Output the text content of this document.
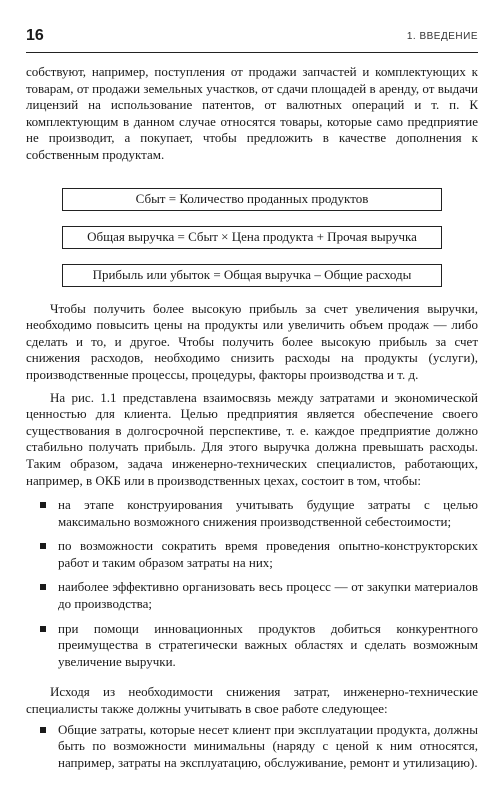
16	1. ВВЕДЕНИЕ

собствуют, например, поступления от продажи запчастей и комплектующих к товарам, от продажи земельных участков, от сдачи площадей в аренду, от выдачи лицензий на использование патентов, от валютных операций и т. п. К комплектующим в данном случае относятся товары, которые само предприятие не производит, а покупает, чтобы предложить в качестве дополнения к собственным продуктам.

Сбыт = Количество проданных продуктов
Общая выручка = Сбыт × Цена продукта + Прочая выручка
Прибыль или убыток = Общая выручка – Общие расходы

Чтобы получить более высокую прибыль за счет увеличения выручки, необходимо повысить цены на продукты или увеличить объем продаж — либо сделать и то, и другое. Чтобы получить более высокую прибыль за счет снижения расходов, необходимо снизить расходы на продукты (услуги), производственные процессы, процедуры, факторы производства и т. д.

На рис. 1.1 представлена взаимосвязь между затратами и экономической ценностью для клиента. Целью предприятия является обеспечение своего существования в долгосрочной перспективе, т. е. каждое предприятие должно стабильно получать прибыль. Для этого выручка должна превышать расходы. Таким образом, задача инженерно-технических специалистов, работающих, например, в ОКБ или в производственных цехах, состоит в том, чтобы:

на этапе конструирования учитывать будущие затраты с целью максимально возможного снижения производственной себестоимости;
по возможности сократить время проведения опытно-конструкторских работ и таким образом затраты на них;
наиболее эффективно организовать весь процесс — от закупки материалов до производства;
при помощи инновационных продуктов добиться конкурентного преимущества в стратегически важных областях и сделать возможным увеличение выручки.

Исходя из необходимости снижения затрат, инженерно-технические специалисты также должны учитывать в свое работе следующее:

Общие затраты, которые несет клиент при эксплуатации продукта, должны быть по возможности минимальны (наряду с ценой к ним относятся, например, затраты на эксплуатацию, обслуживание, ремонт и утилизацию).
